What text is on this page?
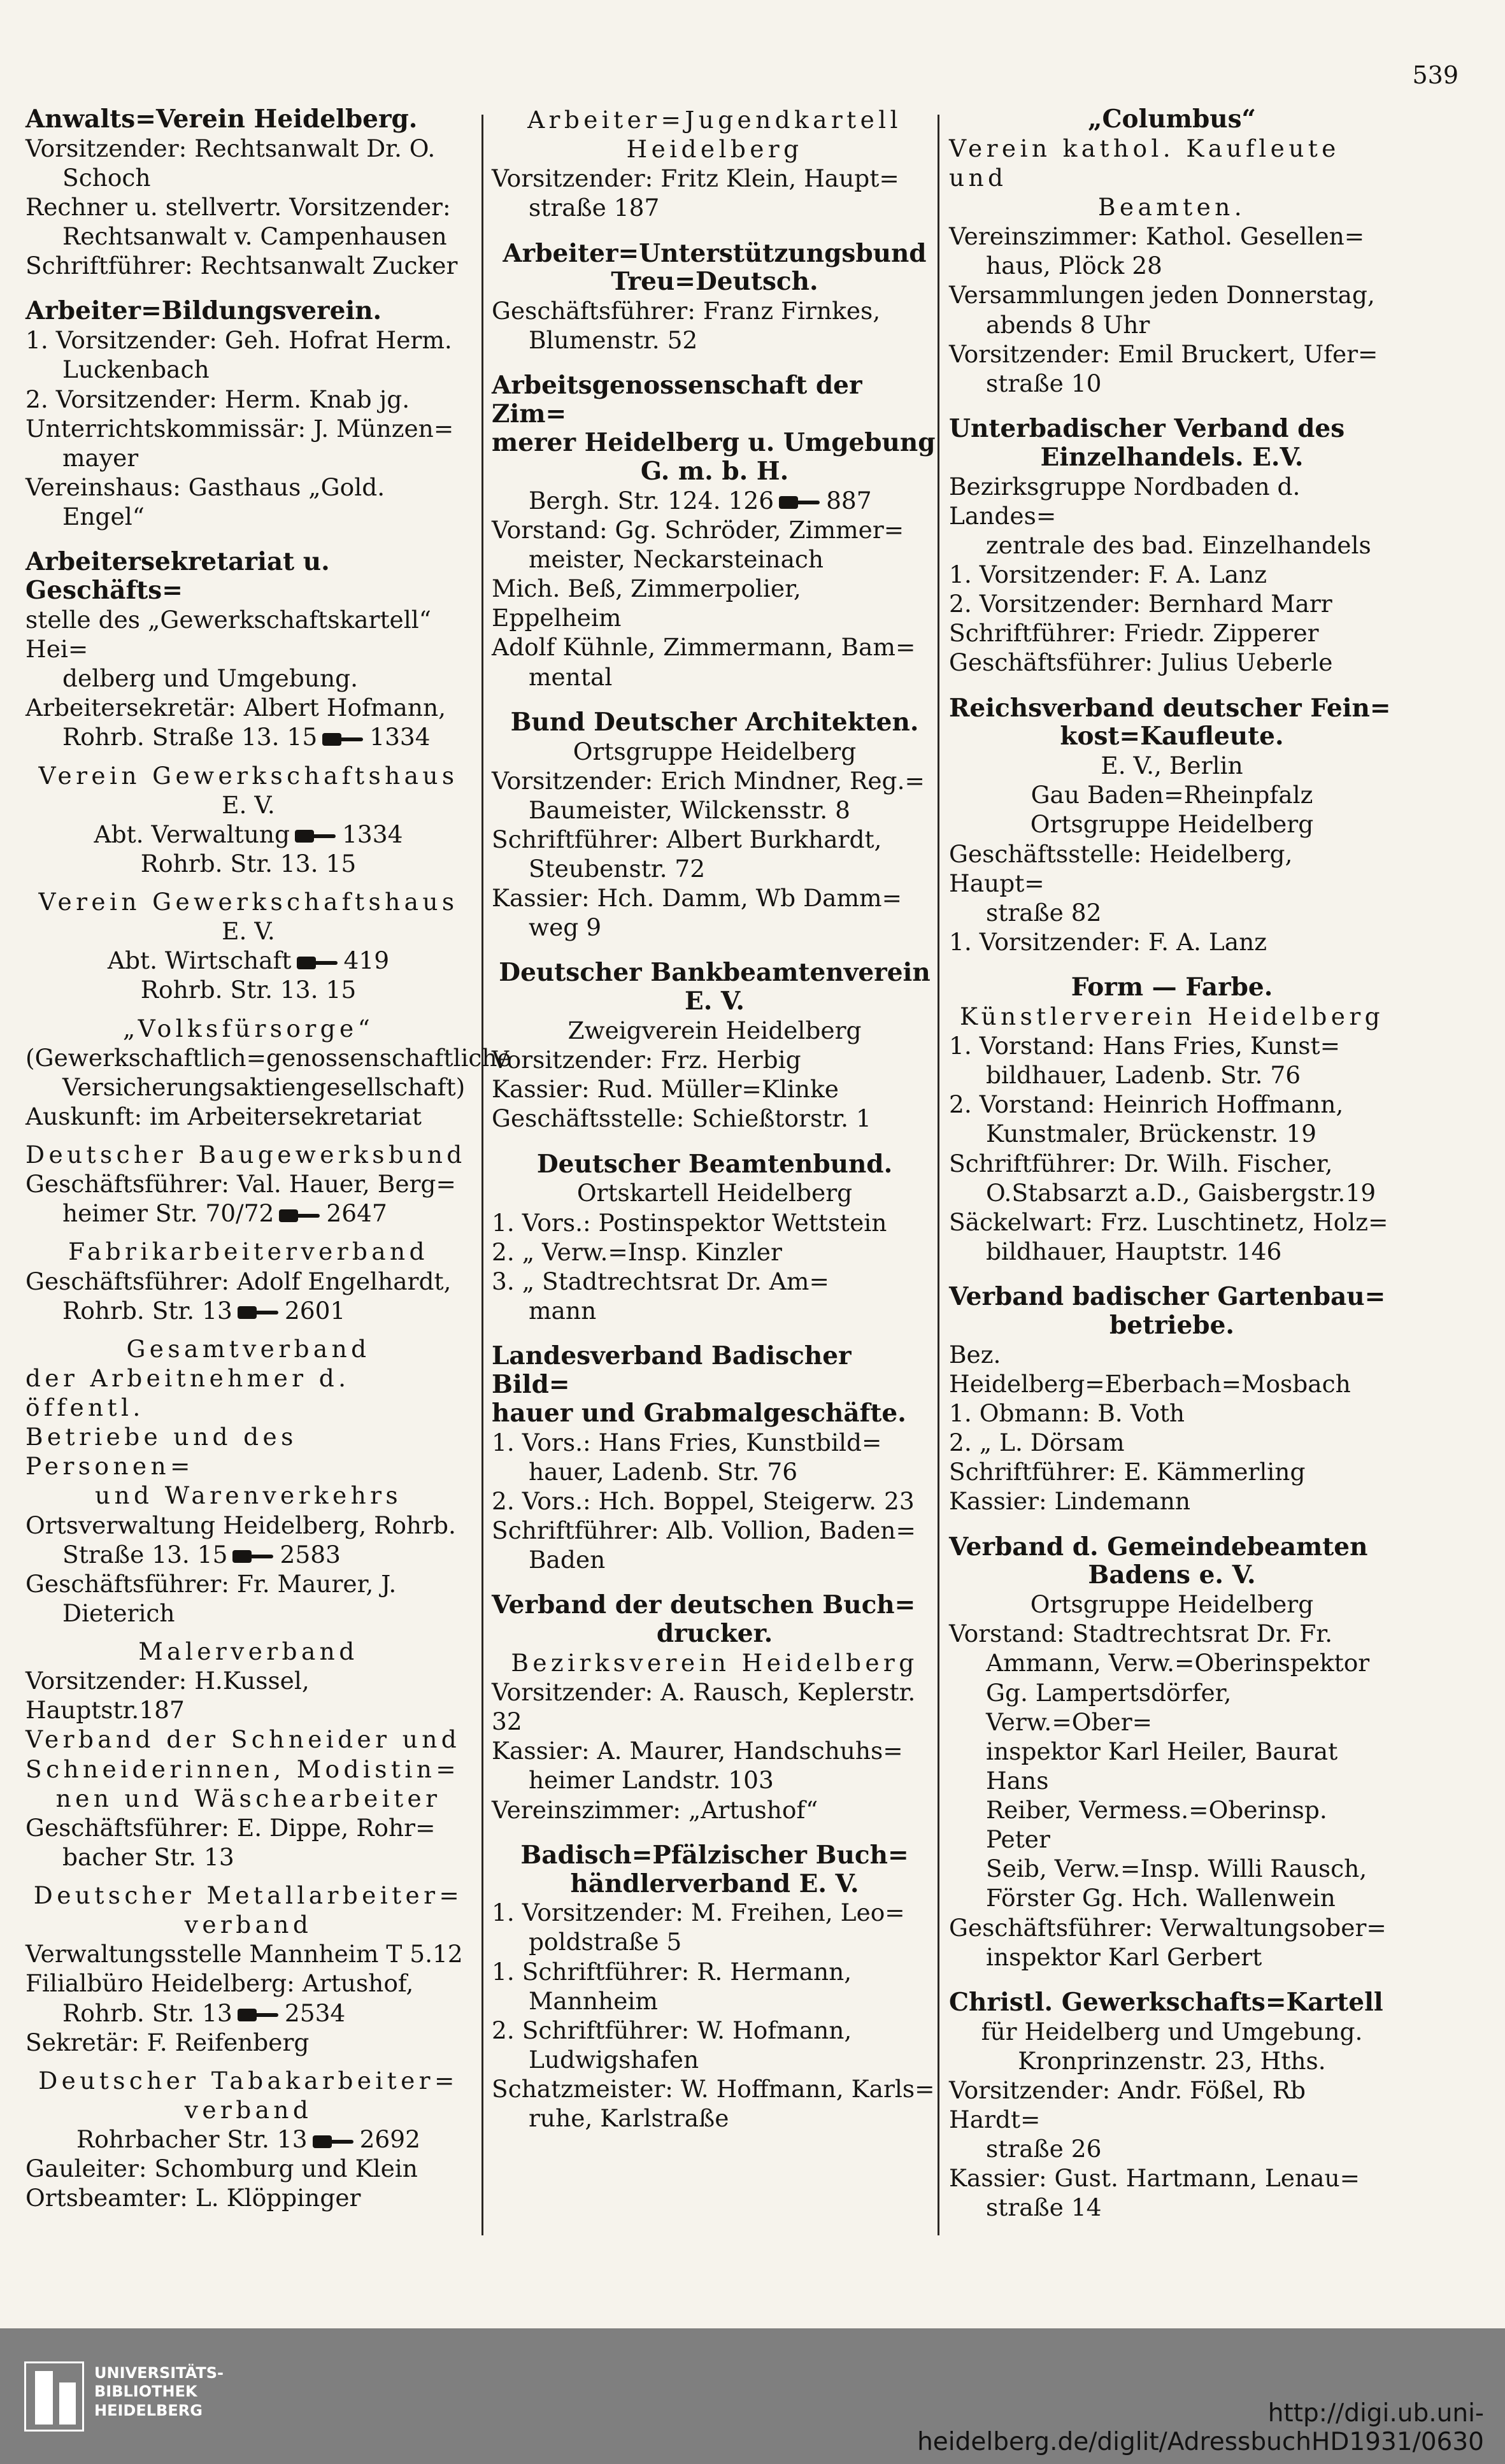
539
Anwalts=Verein Heidelberg.
Vorsitzender: Rechtsanwalt Dr. O.
Schoch
Rechner u. stellvertr. Vorsitzender:
Rechtsanwalt v. Campenhausen
Schriftführer: Rechtsanwalt Zucker
Arbeiter=Bildungsverein.
1. Vorsitzender: Geh. Hofrat Herm.
Luckenbach
2. Vorsitzender: Herm. Knab jg.
Unterrichtskommissär: J. Münzen=
mayer
Vereinshaus: Gasthaus „Gold.
Engel“
Arbeitersekretariat u. Geschäfts=
stelle des „Gewerkschaftskartell“ Hei=
delberg und Umgebung.
Arbeitersekretär: Albert Hofmann,
Rohrb. Straße 13. 15 1334
Verein Gewerkschaftshaus
E. V.
Abt. Verwaltung 1334
Rohrb. Str. 13. 15
Verein Gewerkschaftshaus
E. V.
Abt. Wirtschaft 419
Rohrb. Str. 13. 15
„Volksfürsorge“
(Gewerkschaftlich=genossenschaftliche
Versicherungsaktiengesellschaft)
Auskunft: im Arbeitersekretariat
Deutscher Baugewerksbund
Geschäftsführer: Val. Hauer, Berg=
heimer Str. 70/72 2647
Fabrikarbeiterverband
Geschäftsführer: Adolf Engelhardt,
Rohrb. Str. 13 2601
Gesamtverband
der Arbeitnehmer d. öffentl.
Betriebe und des Personen=
und Warenverkehrs
Ortsverwaltung Heidelberg, Rohrb.
Straße 13. 15 2583
Geschäftsführer: Fr. Maurer, J.
Dieterich
Malerverband
Vorsitzender: H.Kussel, Hauptstr.187
Verband der Schneider und
Schneiderinnen, Modistin=
nen und Wäschearbeiter
Geschäftsführer: E. Dippe, Rohr=
bacher Str. 13
Deutscher Metallarbeiter=
verband
Verwaltungsstelle Mannheim T 5.12
Filialbüro Heidelberg: Artushof,
Rohrb. Str. 13 2534
Sekretär: F. Reifenberg
Deutscher Tabakarbeiter=
verband
Rohrbacher Str. 13 2692
Gauleiter: Schomburg und Klein
Ortsbeamter: L. Klöppinger
Arbeiter=Jugendkartell
Heidelberg
Vorsitzender: Fritz Klein, Haupt=
straße 187
Arbeiter=Unterstützungsbund
Treu=Deutsch.
Geschäftsführer: Franz Firnkes,
Blumenstr. 52
Arbeitsgenossenschaft der Zim=
merer Heidelberg u. Umgebung
G. m. b. H.
Bergh. Str. 124. 126 887
Vorstand: Gg. Schröder, Zimmer=
meister, Neckarsteinach
Mich. Beß, Zimmerpolier, Eppelheim
Adolf Kühnle, Zimmermann, Bam=
mental
Bund Deutscher Architekten.
Ortsgruppe Heidelberg
Vorsitzender: Erich Mindner, Reg.=
Baumeister, Wilckensstr. 8
Schriftführer: Albert Burkhardt,
Steubenstr. 72
Kassier: Hch. Damm, Wb Damm=
weg 9
Deutscher Bankbeamtenverein
E. V.
Zweigverein Heidelberg
Vorsitzender: Frz. Herbig
Kassier: Rud. Müller=Klinke
Geschäftsstelle: Schießtorstr. 1
Deutscher Beamtenbund.
Ortskartell Heidelberg
1. Vors.: Postinspektor Wettstein
2. „ Verw.=Insp. Kinzler
3. „ Stadtrechtsrat Dr. Am=
mann
Landesverband Badischer Bild=
hauer und Grabmalgeschäfte.
1. Vors.: Hans Fries, Kunstbild=
hauer, Ladenb. Str. 76
2. Vors.: Hch. Boppel, Steigerw. 23
Schriftführer: Alb. Vollion, Baden=
Baden
Verband der deutschen Buch=
drucker.
Bezirksverein Heidelberg
Vorsitzender: A. Rausch, Keplerstr. 32
Kassier: A. Maurer, Handschuhs=
heimer Landstr. 103
Vereinszimmer: „Artushof“
Badisch=Pfälzischer Buch=
händlerverband E. V.
1. Vorsitzender: M. Freihen, Leo=
poldstraße 5
1. Schriftführer: R. Hermann,
Mannheim
2. Schriftführer: W. Hofmann,
Ludwigshafen
Schatzmeister: W. Hoffmann, Karls=
ruhe, Karlstraße
„Columbus“
Verein kathol. Kaufleute und
Beamten.
Vereinszimmer: Kathol. Gesellen=
haus, Plöck 28
Versammlungen jeden Donnerstag,
abends 8 Uhr
Vorsitzender: Emil Bruckert, Ufer=
straße 10
Unterbadischer Verband des
Einzelhandels. E.V.
Bezirksgruppe Nordbaden d. Landes=
zentrale des bad. Einzelhandels
1. Vorsitzender: F. A. Lanz
2. Vorsitzender: Bernhard Marr
Schriftführer: Friedr. Zipperer
Geschäftsführer: Julius Ueberle
Reichsverband deutscher Fein=
kost=Kaufleute.
E. V., Berlin
Gau Baden=Rheinpfalz
Ortsgruppe Heidelberg
Geschäftsstelle: Heidelberg, Haupt=
straße 82
1. Vorsitzender: F. A. Lanz
Form — Farbe.
Künstlerverein Heidelberg
1. Vorstand: Hans Fries, Kunst=
bildhauer, Ladenb. Str. 76
2. Vorstand: Heinrich Hoffmann,
Kunstmaler, Brückenstr. 19
Schriftführer: Dr. Wilh. Fischer,
O.Stabsarzt a.D., Gaisbergstr.19
Säckelwart: Frz. Luschtinetz, Holz=
bildhauer, Hauptstr. 146
Verband badischer Gartenbau=
betriebe.
Bez. Heidelberg=Eberbach=Mosbach
1. Obmann: B. Voth
2. „ L. Dörsam
Schriftführer: E. Kämmerling
Kassier: Lindemann
Verband d. Gemeindebeamten
Badens e. V.
Ortsgruppe Heidelberg
Vorstand: Stadtrechtsrat Dr. Fr.
Ammann, Verw.=Oberinspektor
Gg. Lampertsdörfer, Verw.=Ober=
inspektor Karl Heiler, Baurat Hans
Reiber, Vermess.=Oberinsp. Peter
Seib, Verw.=Insp. Willi Rausch,
Förster Gg. Hch. Wallenwein
Geschäftsführer: Verwaltungsober=
inspektor Karl Gerbert
Christl. Gewerkschafts=Kartell
für Heidelberg und Umgebung.
Kronprinzenstr. 23, Hths.
Vorsitzender: Andr. Fößel, Rb Hardt=
straße 26
Kassier: Gust. Hartmann, Lenau=
straße 14
UNIVERSITÄTS-
BIBLIOTHEK
HEIDELBERG	http://digi.ub.uni-heidelberg.de/diglit/AdressbuchHD1931/0630
